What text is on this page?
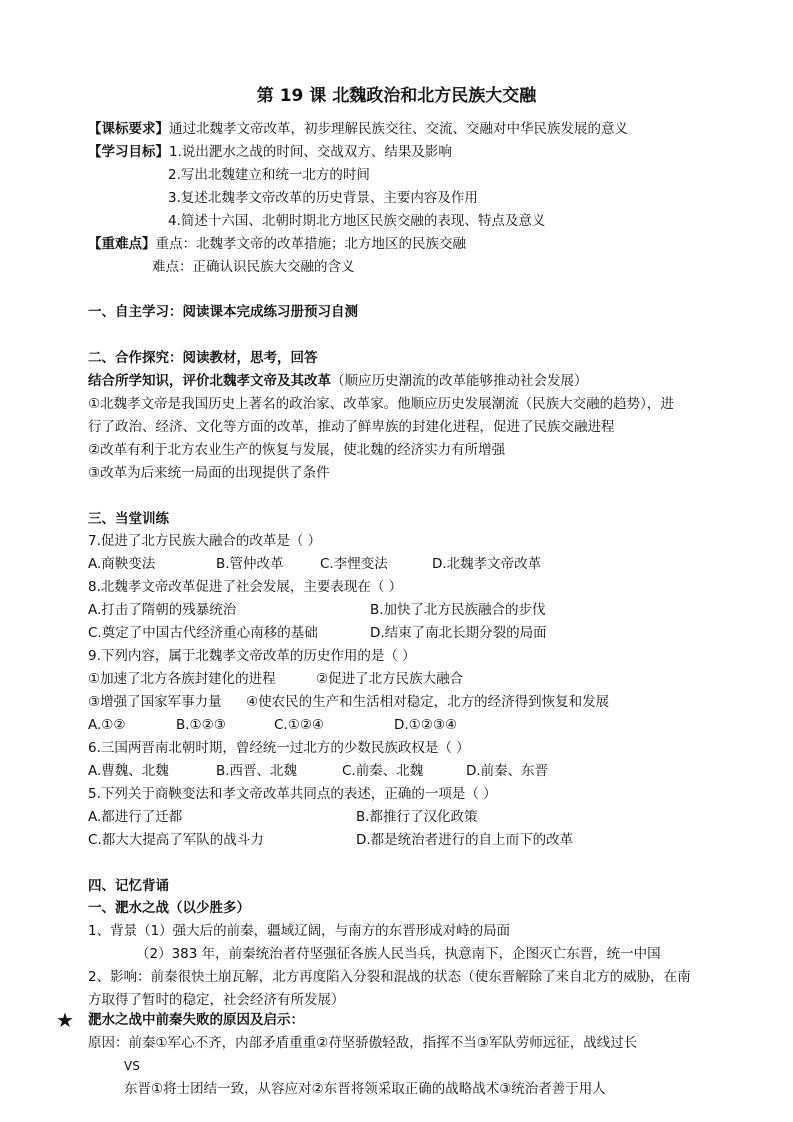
第 19 课 北魏政治和北方民族大交融
【课标要求】通过北魏孝文帝改革，初步理解民族交往、交流、交融对中华民族发展的意义
【学习目标】1.说出淝水之战的时间、交战双方、结果及影响
2.写出北魏建立和统一北方的时间
3.复述北魏孝文帝改革的历史背景、主要内容及作用
4.简述十六国、北朝时期北方地区民族交融的表现、特点及意义
【重难点】重点：北魏孝文帝的改革措施；北方地区的民族交融
难点：正确认识民族大交融的含义
一、自主学习：阅读课本完成练习册预习自测
二、合作探究：阅读教材，思考，回答
结合所学知识，评价北魏孝文帝及其改革（顺应历史潮流的改革能够推动社会发展）
①北魏孝文帝是我国历史上著名的政治家、改革家。他顺应历史发展潮流（民族大交融的趋势），进
行了政治、经济、文化等方面的改革，推动了鲜卑族的封建化进程，促进了民族交融进程
②改革有利于北方农业生产的恢复与发展，使北魏的经济实力有所增强
③改革为后来统一局面的出现提供了条件
三、当堂训练
7.促进了北方民族大融合的改革是（ ）
A.商鞅变法	B.管仲改革	C.李悝变法	D.北魏孝文帝改革
8.北魏孝文帝改革促进了社会发展，主要表现在（ ）
A.打击了隋朝的残暴统治	B.加快了北方民族融合的步伐
C.奠定了中国古代经济重心南移的基础	D.结束了南北长期分裂的局面
9.下列内容，属于北魏孝文帝改革的历史作用的是（ ）
①加速了北方各族封建化的进程	②促进了北方民族大融合
③增强了国家军事力量 ④使农民的生产和生活相对稳定，北方的经济得到恢复和发展
A.①②	B.①②③	C.①②④	D.①②③④
6.三国两晋南北朝时期，曾经统一过北方的少数民族政权是（ ）
A.曹魏、北魏	B.西晋、北魏	C.前秦、北魏	D.前秦、东晋
5.下列关于商鞅变法和孝文帝改革共同点的表述，正确的一项是（ ）
A.都进行了迁都	B.都推行了汉化政策
C.都大大提高了军队的战斗力	D.都是统治者进行的自上而下的改革
四、记忆背诵
一、淝水之战（以少胜多）
1、背景（1）强大后的前秦，疆域辽阔，与南方的东晋形成对峙的局面
（2）383 年，前秦统治者苻坚强征各族人民当兵，执意南下，企图灭亡东晋，统一中国
2、影响：前秦很快土崩瓦解，北方再度陷入分裂和混战的状态（使东晋解除了来自北方的威胁，在南
方取得了暂时的稳定，社会经济有所发展）
★ 淝水之战中前秦失败的原因及启示：
原因：前秦①军心不齐，内部矛盾重重②苻坚骄傲轻敌，指挥不当③军队劳师远征，战线过长
VS
东晋①将士团结一致，从容应对②东晋将领采取正确的战略战术③统治者善于用人
